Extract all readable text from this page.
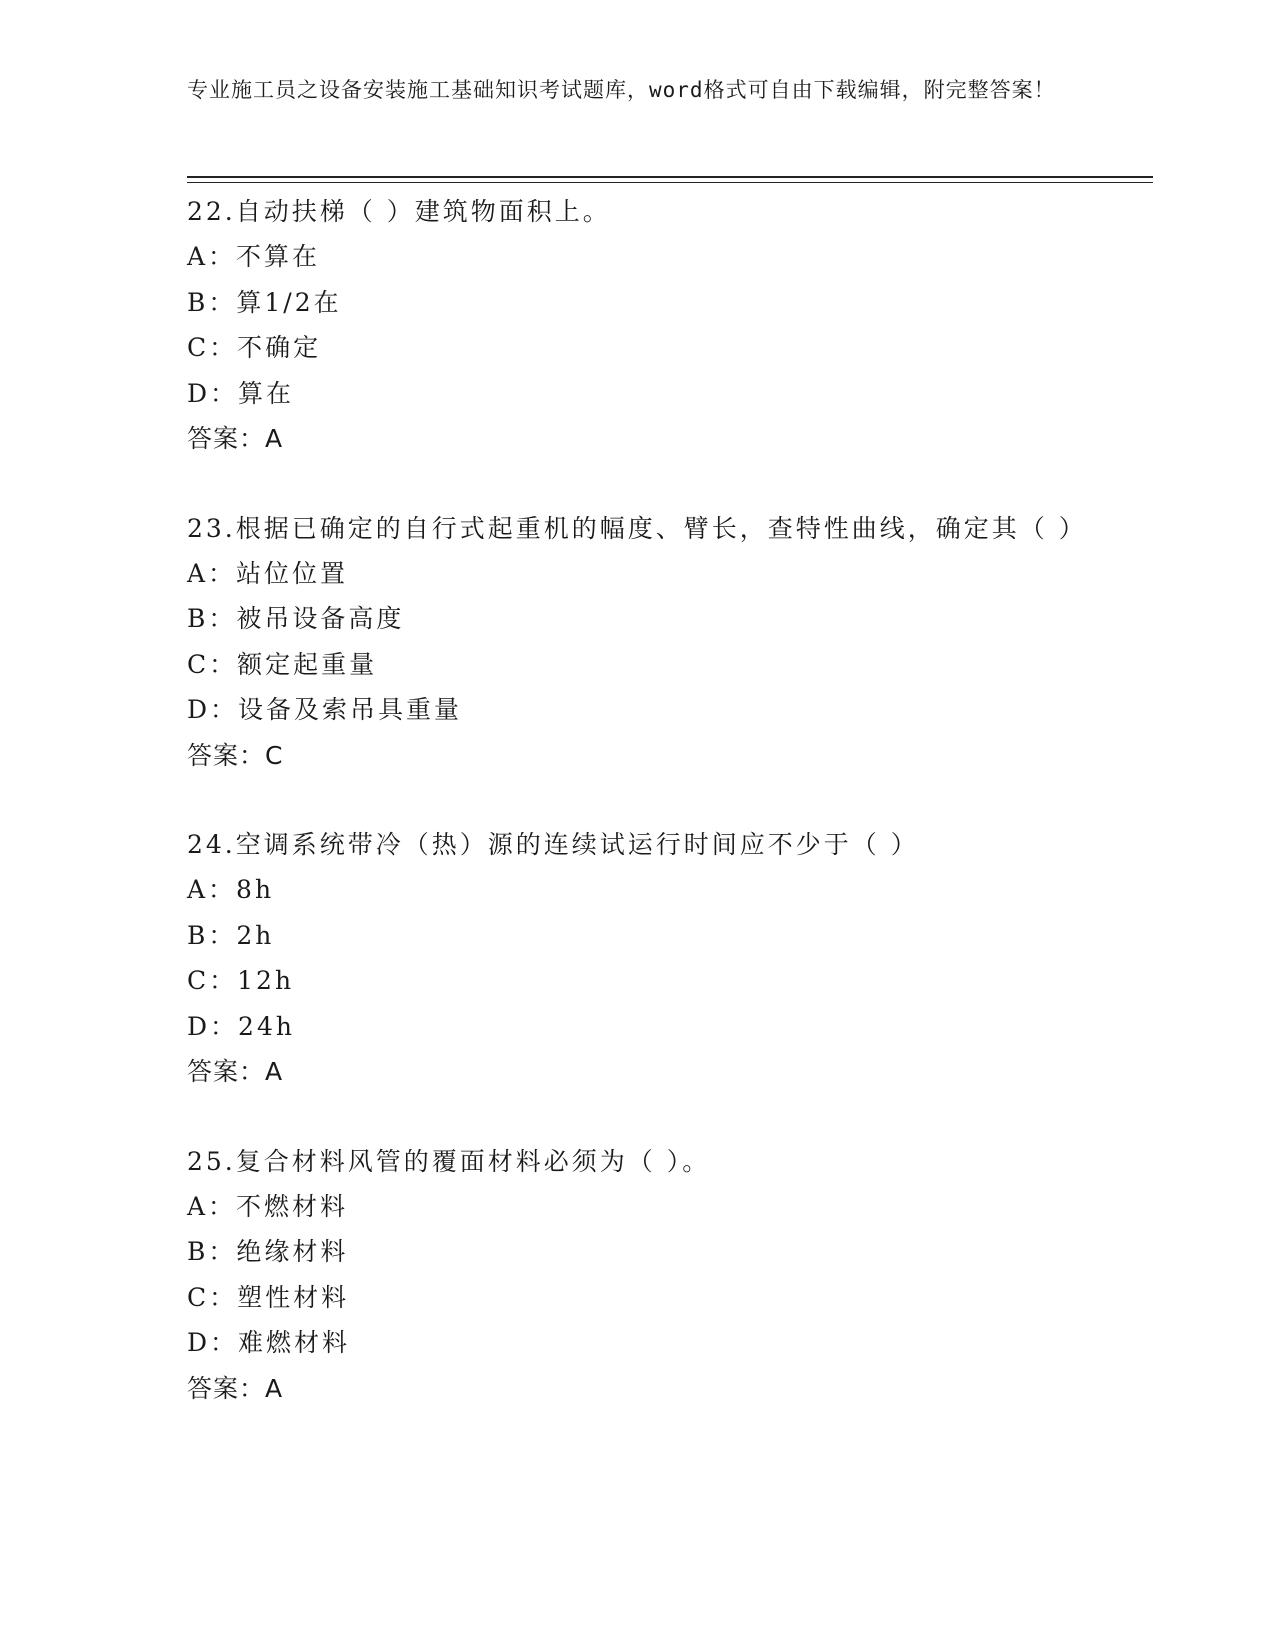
专业施工员之设备安装施工基础知识考试题库，word格式可自由下载编辑，附完整答案！
22.自动扶梯（ ）建筑物面积上。
A：不算在
B：算1/2在
C：不确定
D：算在
答案：A
23.根据已确定的自行式起重机的幅度、臂长，查特性曲线，确定其（ ）
A：站位位置
B：被吊设备高度
C：额定起重量
D：设备及索吊具重量
答案：C
24.空调系统带冷（热）源的连续试运行时间应不少于（ ）
A：8h
B：2h
C：12h
D：24h
答案：A
25.复合材料风管的覆面材料必须为（ ）。
A：不燃材料
B：绝缘材料
C：塑性材料
D：难燃材料
答案：A
